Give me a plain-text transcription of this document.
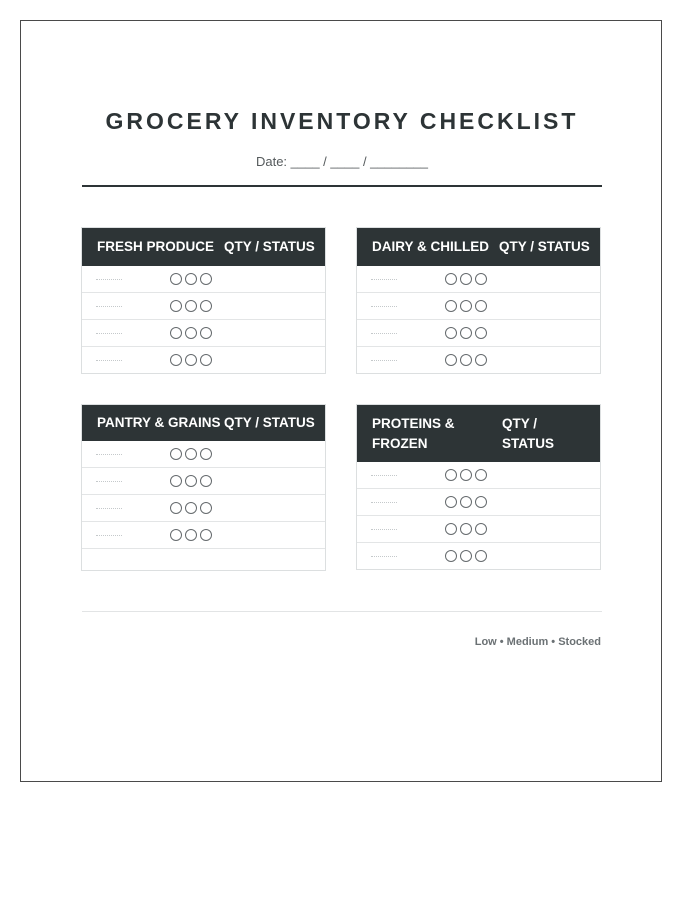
GROCERY INVENTORY CHECKLIST
Date: ____ / ____ / ________
FRESH PRODUCE QTY / STATUS	DAIRY & CHILLED QTY / STATUS
PANTRY & GRAINS QTY / STATUS	PROTEINS & FROZEN
QTY / STATUS
Low • Medium • Stocked
